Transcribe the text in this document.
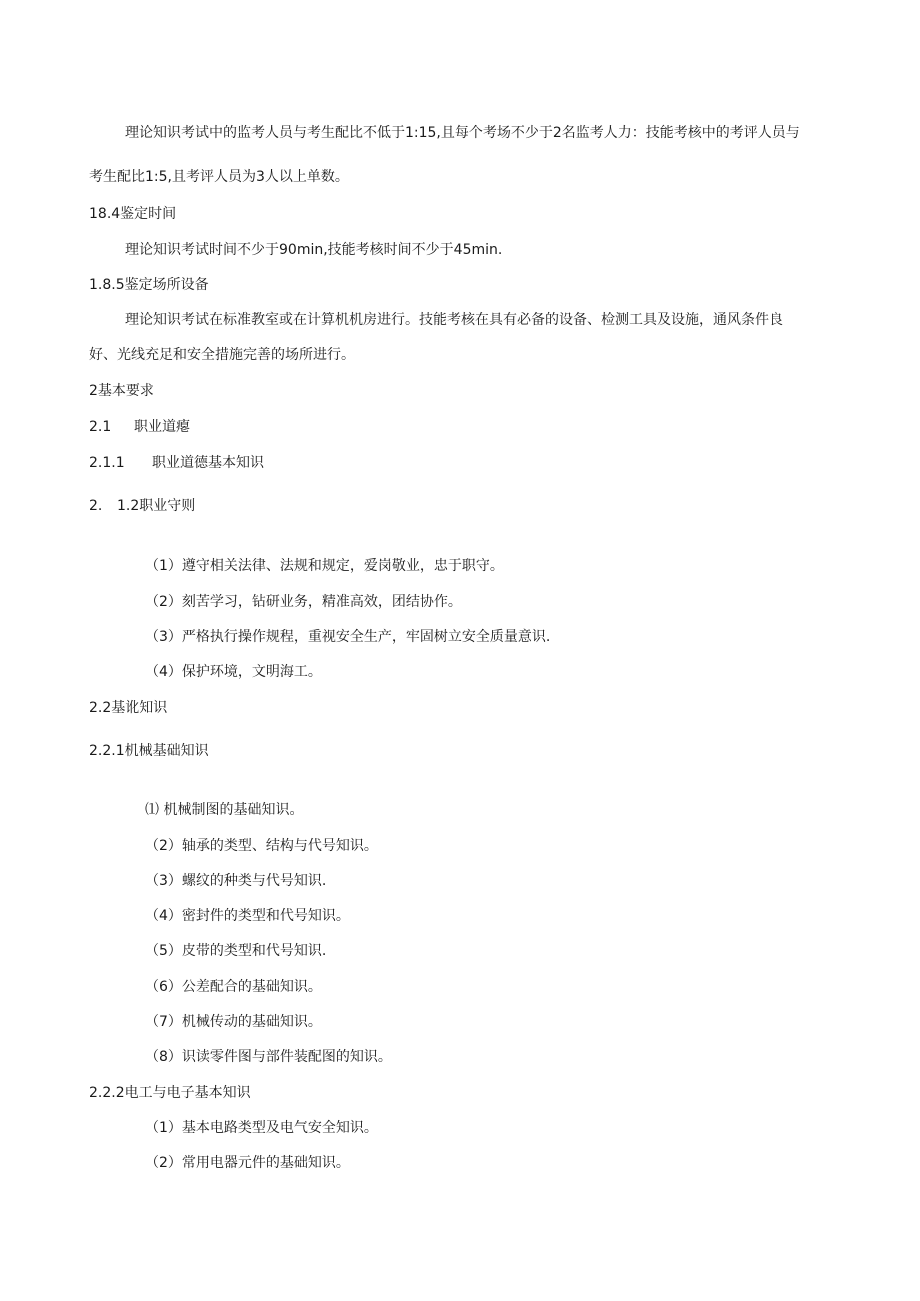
理论知识考试中的监考人员与考生配比不低于1:15,且每个考场不少于2名监考人力：技能考核中的考评人员与
考生配比1:5,且考评人员为3人以上单数。
18.4鉴定时间
理论知识考试时间不少于90min,技能考核时间不少于45min.
1.8.5鉴定场所设备
理论知识考试在标准教室或在计算机机房进行。技能考核在具有必备的设备、检测工具及设施，通风条件良
好、光线充足和安全措施完善的场所进行。
2基本要求
2.1 职业道瘪
2.1.1 职业道德基本知识
2. 1.2职业守则
（1）遵守相关法律、法规和规定，爱岗敬业，忠于职守。
（2）刻苦学习，钻研业务，精准高效，团结协作。
（3）严格执行操作规程，重视安全生产，牢固树立安全质量意识.
（4）保护环境，文明海工。
2.2基讹知识
2.2.1机械基础知识
⑴ 机械制图的基础知识。
（2）轴承的类型、结构与代号知识。
（3）螺纹的种类与代号知识.
（4）密封件的类型和代号知识。
（5）皮带的类型和代号知识.
（6）公差配合的基础知识。
（7）机械传动的基础知识。
（8）识读零件图与部件装配图的知识。
2.2.2电工与电子基本知识
（1）基本电路类型及电气安全知识。
（2）常用电器元件的基础知识。
